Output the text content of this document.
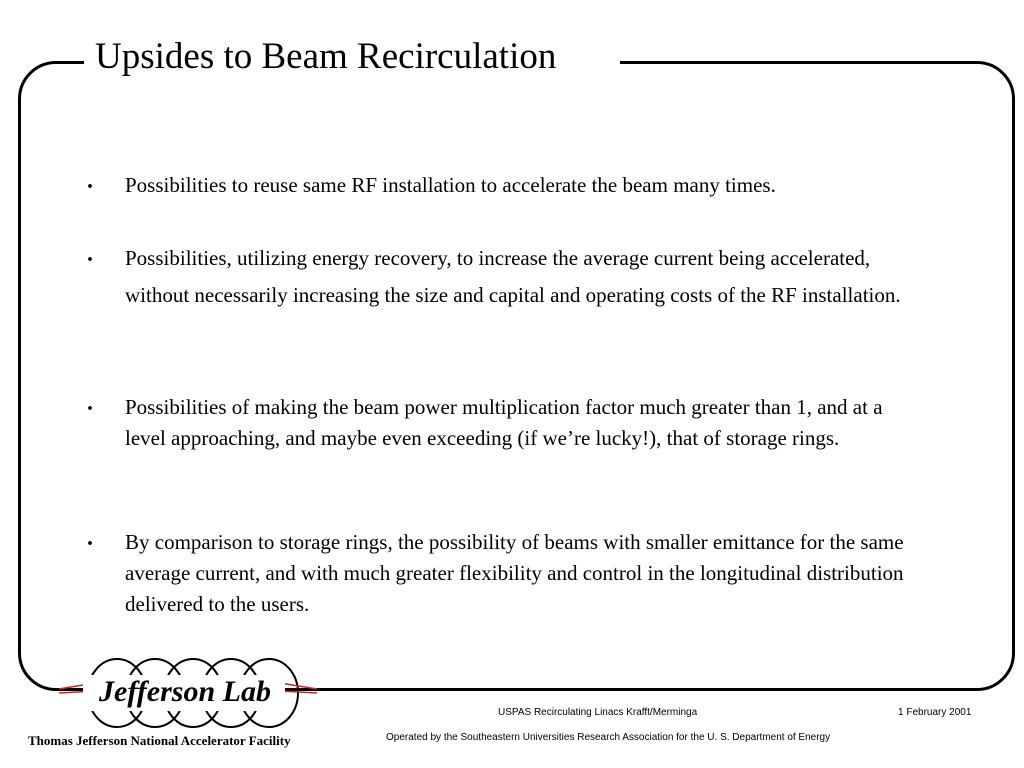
Upsides to Beam Recirculation

. Possibilities to reuse same RF installation to accelerate the beam many times.

. Possibilities, utilizing energy recovery, to increase the average current being accelerated, without necessarily increasing the size and capital and operating costs of the RF installation.

. Possibilities of making the beam power multiplication factor much greater than 1, and at a level approaching, and maybe even exceeding (if we’re lucky!), that of storage rings.

. By comparison to storage rings, the possibility of beams with smaller emittance for the same average current, and with much greater flexibility and control in the longitudinal distribution delivered to the users.

Jefferson Lab
Thomas Jefferson National Accelerator Facility
USPAS Recirculating Linacs Krafft/Merminga	1 February 2001
Operated by the Southeastern Universities Research Association for the U. S. Department of Energy
